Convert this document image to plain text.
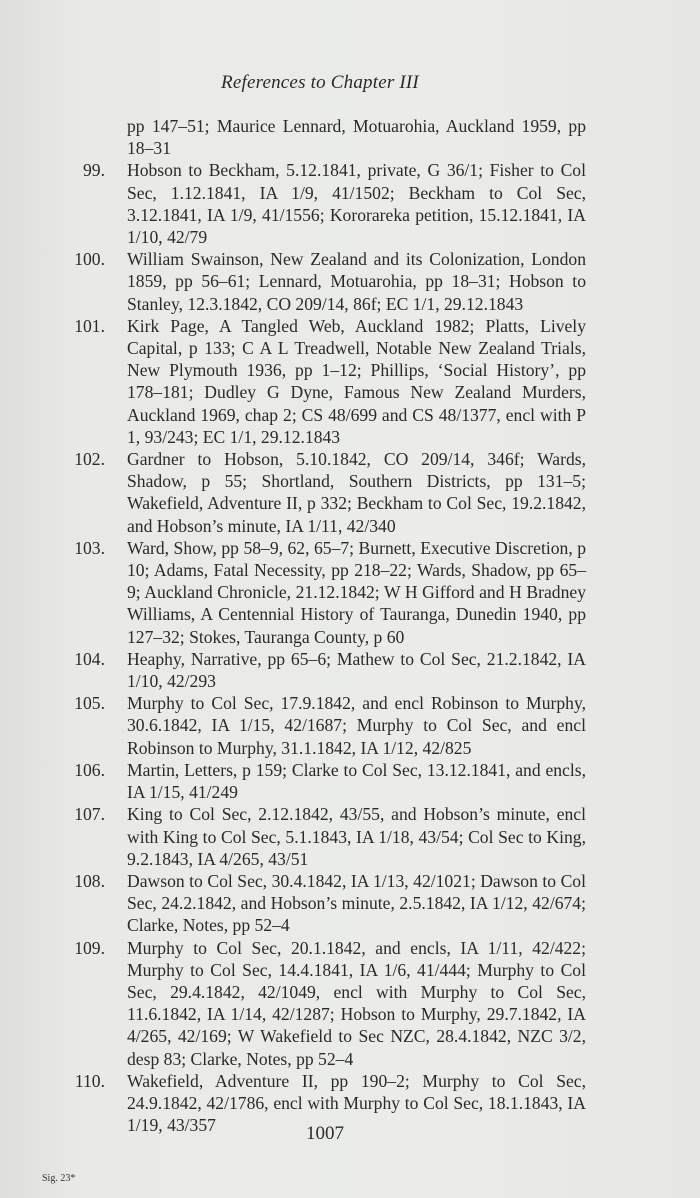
References to Chapter III
pp 147–51; Maurice Lennard, Motuarohia, Auckland 1959, pp 18–31
99.	Hobson to Beckham, 5.12.1841, private, G 36/1; Fisher to Col Sec, 1.12.1841, IA 1/9, 41/1502; Beckham to Col Sec, 3.12.1841, IA 1/9, 41/1556; Kororareka petition, 15.12.1841, IA 1/10, 42/79
100.	William Swainson, New Zealand and its Colonization, London 1859, pp 56–61; Lennard, Motuarohia, pp 18–31; Hobson to Stanley, 12.3.1842, CO 209/14, 86f; EC 1/1, 29.12.1843
101.	Kirk Page, A Tangled Web, Auckland 1982; Platts, Lively Capital, p 133; C A L Treadwell, Notable New Zealand Trials, New Plymouth 1936, pp 1–12; Phillips, ‘Social History’, pp 178–181; Dudley G Dyne, Famous New Zealand Murders, Auckland 1969, chap 2; CS 48/699 and CS 48/1377, encl with P 1, 93/243; EC 1/1, 29.12.1843
102.	Gardner to Hobson, 5.10.1842, CO 209/14, 346f; Wards, Shadow, p 55; Shortland, Southern Districts, pp 131–5; Wakefield, Adventure II, p 332; Beckham to Col Sec, 19.2.1842, and Hobson’s minute, IA 1/11, 42/340
103.	Ward, Show, pp 58–9, 62, 65–7; Burnett, Executive Discretion, p 10; Adams, Fatal Necessity, pp 218–22; Wards, Shadow, pp 65–9; Auckland Chronicle, 21.12.1842; W H Gifford and H Bradney Williams, A Centennial History of Tauranga, Dunedin 1940, pp 127–32; Stokes, Tauranga County, p 60
104.	Heaphy, Narrative, pp 65–6; Mathew to Col Sec, 21.2.1842, IA 1/10, 42/293
105.	Murphy to Col Sec, 17.9.1842, and encl Robinson to Murphy, 30.6.1842, IA 1/15, 42/1687; Murphy to Col Sec, and encl Robinson to Murphy, 31.1.1842, IA 1/12, 42/825
106.	Martin, Letters, p 159; Clarke to Col Sec, 13.12.1841, and encls, IA 1/15, 41/249
107.	King to Col Sec, 2.12.1842, 43/55, and Hobson’s minute, encl with King to Col Sec, 5.1.1843, IA 1/18, 43/54; Col Sec to King, 9.2.1843, IA 4/265, 43/51
108.	Dawson to Col Sec, 30.4.1842, IA 1/13, 42/1021; Dawson to Col Sec, 24.2.1842, and Hobson’s minute, 2.5.1842, IA 1/12, 42/674; Clarke, Notes, pp 52–4
109.	Murphy to Col Sec, 20.1.1842, and encls, IA 1/11, 42/422; Murphy to Col Sec, 14.4.1841, IA 1/6, 41/444; Murphy to Col Sec, 29.4.1842, 42/1049, encl with Murphy to Col Sec, 11.6.1842, IA 1/14, 42/1287; Hobson to Murphy, 29.7.1842, IA 4/265, 42/169; W Wakefield to Sec NZC, 28.4.1842, NZC 3/2, desp 83; Clarke, Notes, pp 52–4
110.	Wakefield, Adventure II, pp 190–2; Murphy to Col Sec, 24.9.1842, 42/1786, encl with Murphy to Col Sec, 18.1.1843, IA 1/19, 43/357	1007
Sig. 23*
